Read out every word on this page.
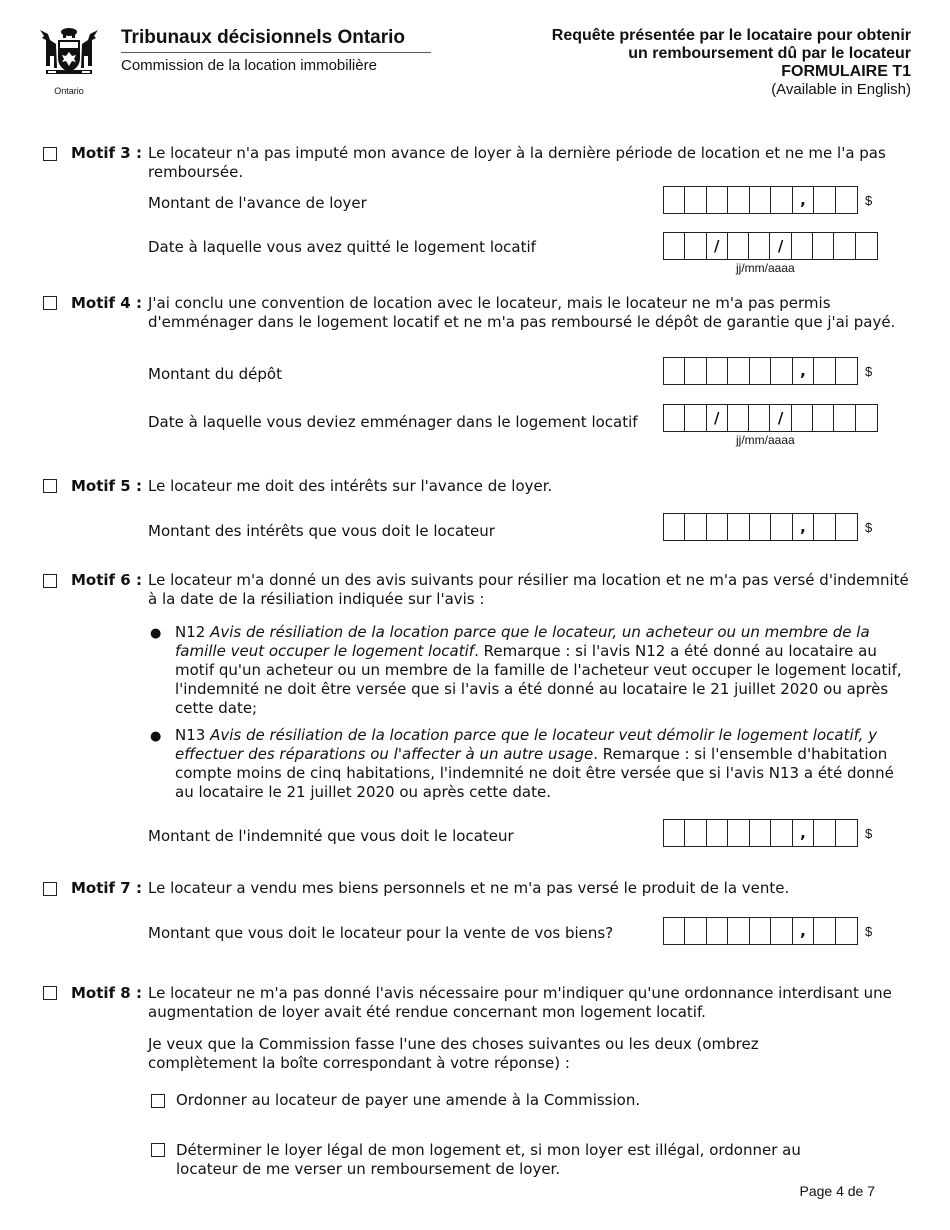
Ontario
Tribunaux décisionnels Ontario
Commission de la location immobilière
Requête présentée par le locataire pour obtenir
un remboursement dû par le locateur
FORMULAIRE T1
(Available in English)
Motif 3 : Le locateur n'a pas imputé mon avance de loyer à la dernière période de location et ne me l'a pas remboursée.
Montant de l'avance de loyer	,	$
Date à laquelle vous avez quitté le logement locatif	/	/
jj/mm/aaaa
Motif 4 : J'ai conclu une convention de location avec le locateur, mais le locateur ne m'a pas permis d'emménager dans le logement locatif et ne m'a pas remboursé le dépôt de garantie que j'ai payé.
Montant du dépôt	,	$
Date à laquelle vous deviez emménager dans le logement locatif	/	/
jj/mm/aaaa
Motif 5 : Le locateur me doit des intérêts sur l'avance de loyer.
Montant des intérêts que vous doit le locateur	,	$
Motif 6 : Le locateur m'a donné un des avis suivants pour résilier ma location et ne m'a pas versé d'indemnité à la date de la résiliation indiquée sur l'avis :
● N12 Avis de résiliation de la location parce que le locateur, un acheteur ou un membre de la famille veut occuper le logement locatif. Remarque : si l'avis N12 a été donné au locataire au motif qu'un acheteur ou un membre de la famille de l'acheteur veut occuper le logement locatif, l'indemnité ne doit être versée que si l'avis a été donné au locataire le 21 juillet 2020 ou après cette date;
● N13 Avis de résiliation de la location parce que le locateur veut démolir le logement locatif, y effectuer des réparations ou l'affecter à un autre usage. Remarque : si l'ensemble d'habitation compte moins de cinq habitations, l'indemnité ne doit être versée que si l'avis N13 a été donné au locataire le 21 juillet 2020 ou après cette date.
Montant de l'indemnité que vous doit le locateur	,	$
Motif 7 : Le locateur a vendu mes biens personnels et ne m'a pas versé le produit de la vente.
Montant que vous doit le locateur pour la vente de vos biens?	,	$
Motif 8 : Le locateur ne m'a pas donné l'avis nécessaire pour m'indiquer qu'une ordonnance interdisant une augmentation de loyer avait été rendue concernant mon logement locatif.
Je veux que la Commission fasse l'une des choses suivantes ou les deux (ombrez complètement la boîte correspondant à votre réponse) :
Ordonner au locateur de payer une amende à la Commission.
Déterminer le loyer légal de mon logement et, si mon loyer est illégal, ordonner au locateur de me verser un remboursement de loyer.
Page 4 de 7
